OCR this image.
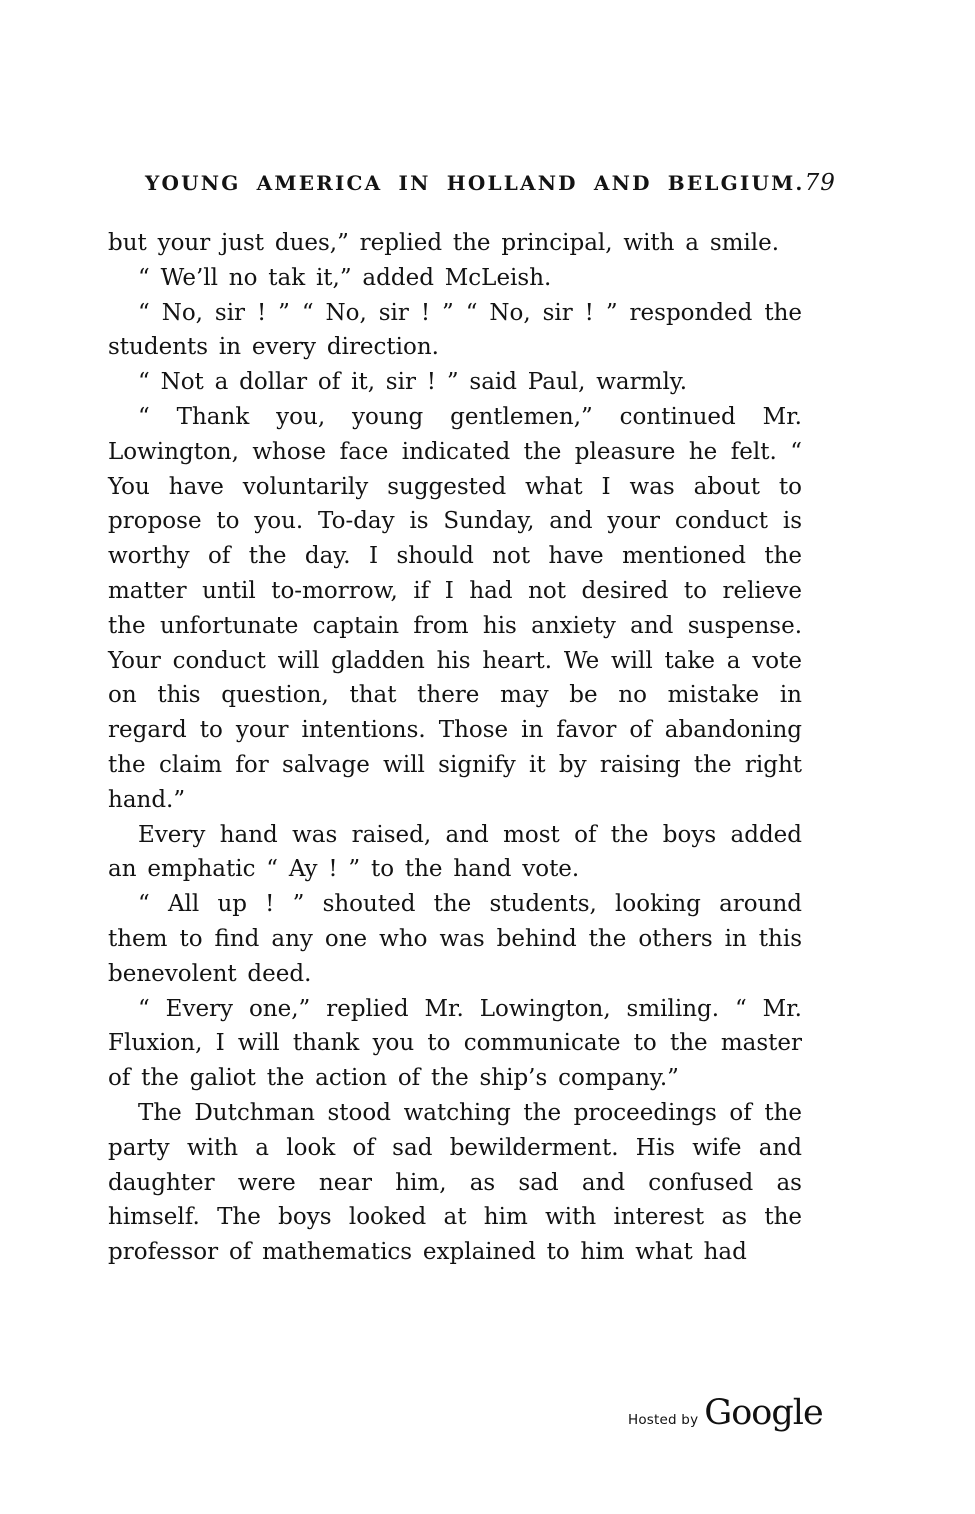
YOUNG AMERICA IN HOLLAND AND BELGIUM. 79

but your just dues,” replied the principal, with a smile.

“ We’ll no tak it,” added McLeish.

“ No, sir ! ” “ No, sir ! ” “ No, sir ! ” responded the students in every direction.

“ Not a dollar of it, sir ! ” said Paul, warmly.

“ Thank you, young gentlemen,” continued Mr. Lowington, whose face indicated the pleasure he felt. “ You have voluntarily suggested what I was about to propose to you. To-day is Sunday, and your conduct is worthy of the day. I should not have mentioned the matter until to-morrow, if I had not desired to relieve the unfortunate captain from his anxiety and suspense. Your conduct will gladden his heart. We will take a vote on this question, that there may be no mistake in regard to your intentions. Those in favor of abandoning the claim for salvage will signify it by raising the right hand.”

Every hand was raised, and most of the boys added an emphatic “ Ay ! ” to the hand vote.

“ All up ! ” shouted the students, looking around them to find any one who was behind the others in this benevolent deed.

“ Every one,” replied Mr. Lowington, smiling. “ Mr. Fluxion, I will thank you to communicate to the master of the galiot the action of the ship’s company.”

The Dutchman stood watching the proceedings of the party with a look of sad bewilderment. His wife and daughter were near him, as sad and confused as himself. The boys looked at him with interest as the professor of mathematics explained to him what had

Hosted by Google
